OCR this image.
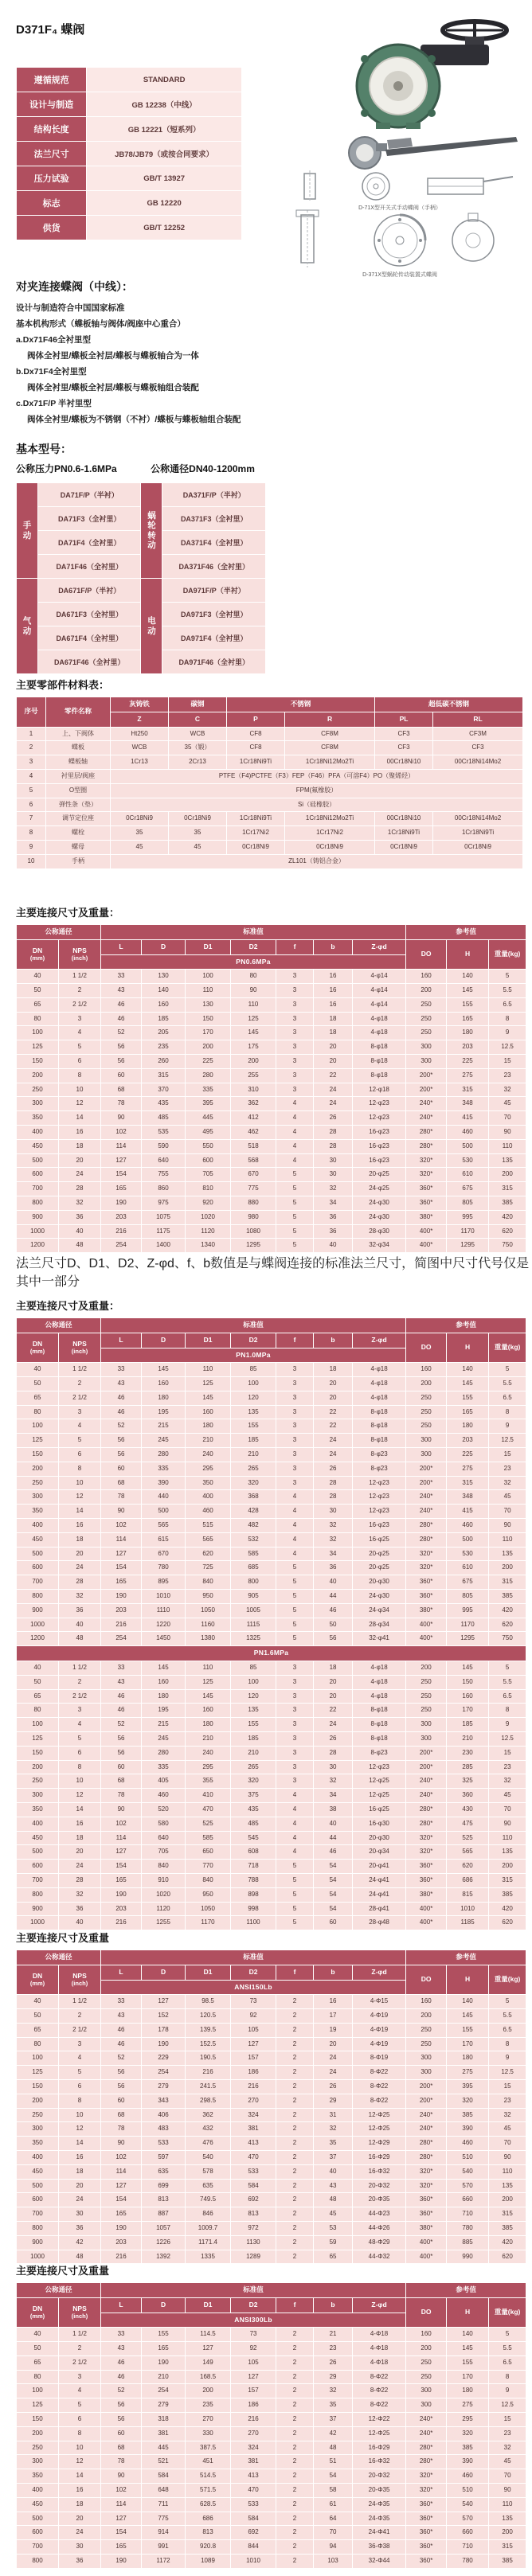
D371F₄ 蝶阀
遵循规范	STANDARD
设计与制造	GB 12238（中线）
结构长度	GB 12221（短系列）
法兰尺寸	JB78/JB79（或按合同要求）
压力试验	GB/T 13927
标志	GB 12220
供货	GB/T 12252
D-71X型开关式手动蝶阀（手柄）
D-371X型蜗轮传动装置式蝶阀
对夹连接蝶阀（中线）：
设计与制造符合中国国家标准
基本机构形式（蝶板轴与阀体/阀座中心重合）
a.Dx71F46全衬里型
阀体全衬里/蝶板全衬层/蝶板与蝶板轴合为一体
b.Dx71F4全衬里型
阀体全衬里/蝶板全衬层/蝶板与蝶板轴组合装配
c.Dx71F/P 半衬里型
阀体全衬里/蝶板为不锈钢（不衬）/蝶板与蝶板轴组合装配
基本型号：
公称压力PN0.6-1.6MPa	公称通径DN40-1200mm
手动	DA71F/P（半衬）	蜗轮转动	DA371F/P（半衬）
	DA71F3（全衬里）		DA371F3（全衬里）
	DA71F4（全衬里）		DA371F4（全衬里）
	DA71F46（全衬里）		DA371F46（全衬里）

气动	DA671F/P（半衬）	电动	DA971F/P（半衬）
	DA671F3（全衬里）		DA971F3（全衬里）
	DA671F4（全衬里）		DA971F4（全衬里）
	DA671F46（全衬里）		DA971F46（全衬里）
主要零部件材料表：
序号	零件名称	灰铸铁	碳钢	不锈钢		超低碳不锈钢	
		Z	C	P	R	PL	RL
1	上、下阀体	Ht250	WCB	CF8	CF8M	CF3	CF3M
2	蝶板	WCB	35（锻）	CF8	CF8M	CF3	CF3
3	蝶板轴	1Cr13	2Cr13	1Cr18Ni9Ti	1Cr18Ni12Mo2Ti	00Cr18Ni10	00Cr18Ni14Mo2
4	衬里层/阀座	PTFE（F4)PCTFE（F3）FEP（F46）PFA（可溶F4）PO（聚烯烃）					
5	O型圈	FPM(氟橡胶）					
6	弹性条（垫）	Si（硅橡胶）					
7	调节定位座	0Cr18Ni9	0Cr18Ni9	1Cr18Ni9Ti	1Cr18Ni12Mo2Ti	00Cr18Ni10	00Cr18Ni14Mo2
8	螺栓	35	35	1Cr17Ni2	1Cr17Ni2	1Cr18Ni9Ti	1Cr18Ni9Ti
9	螺母	45	45	0Cr18Ni9	0Cr18Ni9	0Cr18Ni9	0Cr18Ni9
10	手柄	ZL101（铸铝合金）					
主要连接尺寸及重量：
公称通径		标准值							参考值		

DN
(mm)

NPS
(inch)
	L	D	D1	D2	f	b	Z-φd	DO	H	重量(kg)
		PN0.6MPa									
40	1 1/2	33	130	100	80	3	16	4-φ14	160	140	5
50	2	43	140	110	90	3	16	4-φ14	200	145	5.5
65	2 1/2	46	160	130	110	3	16	4-φ14	250	155	6.5
80	3	46	185	150	125	3	18	4-φ18	250	165	8
100	4	52	205	170	145	3	18	4-φ18	250	180	9
125	5	56	235	200	175	3	20	8-φ18	300	203	12.5
150	6	56	260	225	200	3	20	8-φ18	300	225	15
200	8	60	315	280	255	3	22	8-φ18	200*	275	23
250	10	68	370	335	310	3	24	12-φ18	200*	315	32
300	12	78	435	395	362	4	24	12-φ23	240*	348	45
350	14	90	485	445	412	4	26	12-φ23	240*	415	70
400	16	102	535	495	462	4	28	16-φ23	280*	460	90
450	18	114	590	550	518	4	28	16-φ23	280*	500	110
500	20	127	640	600	568	4	30	16-φ23	320*	530	135
600	24	154	755	705	670	5	30	20-φ25	320*	610	200
700	28	165	860	810	775	5	32	24-φ25	360*	675	315
800	32	190	975	920	880	5	34	24-φ30	360*	805	385
900	36	203	1075	1020	980	5	36	24-φ30	380*	995	420
1000	40	216	1175	1120	1080	5	36	28-φ30	400*	1170	620
1200	48	254	1400	1340	1295	5	40	32-φ34	400*	1295	750
法兰尺寸D、D1、D2、Z-φd、f、b数值是与蝶阀连接的标准法兰尺寸，简图中尺寸代号仅是其中一部分
主要连接尺寸及重量：
公称通径		标准值							参考值		

DN
(mm)

NPS
(inch)
	L	D	D1	D2	f	b	Z-φd	DO	H	重量(kg)
		PN1.0MPa									
40	1 1/2	33	145	110	85	3	18	4-φ18	160	140	5
50	2	43	160	125	100	3	20	4-φ18	200	145	5.5
65	2 1/2	46	180	145	120	3	20	4-φ18	250	155	6.5
80	3	46	195	160	135	3	22	8-φ18	250	165	8
100	4	52	215	180	155	3	22	8-φ18	250	180	9
125	5	56	245	210	185	3	24	8-φ18	300	203	12.5
150	6	56	280	240	210	3	24	8-φ23	300	225	15
200	8	60	335	295	265	3	26	8-φ23	200*	275	23
250	10	68	390	350	320	3	28	12-φ23	200*	315	32
300	12	78	440	400	368	4	28	12-φ23	240*	348	45
350	14	90	500	460	428	4	30	12-φ23	240*	415	70
400	16	102	565	515	482	4	32	16-φ23	280*	460	90
450	18	114	615	565	532	4	32	16-φ25	280*	500	110
500	20	127	670	620	585	4	34	20-φ25	320*	530	135
600	24	154	780	725	685	5	36	20-φ25	320*	610	200
700	28	165	895	840	800	5	40	20-φ30	360*	675	315
800	32	190	1010	950	905	5	44	24-φ30	360*	805	385
900	36	203	1110	1050	1005	5	46	24-φ34	380*	995	420
1000	40	216	1220	1160	1115	5	50	28-φ34	400*	1170	620
1200	48	254	1450	1380	1325	5	56	32-φ41	400*	1295	750
PN1.6MPa											
40	1 1/2	33	145	110	85	3	18	4-φ18	200	145	5
50	2	43	160	125	100	3	20	4-φ18	250	150	5.5
65	2 1/2	46	180	145	120	3	20	4-φ18	250	160	6.5
80	3	46	195	160	135	3	22	8-φ18	250	170	8
100	4	52	215	180	155	3	24	8-φ18	300	185	9
125	5	56	245	210	185	3	26	8-φ18	300	210	12.5
150	6	56	280	240	210	3	28	8-φ23	200*	230	15
200	8	60	335	295	265	3	30	12-φ23	200*	285	23
250	10	68	405	355	320	3	32	12-φ25	240*	325	32
300	12	78	460	410	375	4	34	12-φ25	240*	360	45
350	14	90	520	470	435	4	38	16-φ25	280*	430	70
400	16	102	580	525	485	4	40	16-φ30	280*	475	90
450	18	114	640	585	545	4	44	20-φ30	320*	525	110
500	20	127	705	650	608	4	46	20-φ34	320*	565	135
600	24	154	840	770	718	5	54	20-φ41	360*	620	200
700	28	165	910	840	788	5	54	24-φ41	360*	686	315
800	32	190	1020	950	898	5	54	24-φ41	380*	815	385
900	36	203	1120	1050	998	5	54	28-φ41	400*	1010	420
1000	40	216	1255	1170	1100	5	60	28-φ48	400*	1185	620
主要连接尺寸及重量
公称通径		标准值							参考值		

DN
(mm)

NPS
(inch)
	L	D	D1	D2	f	b	Z-φd	DO	H	重量(kg)
		ANSI150Lb									
40	1 1/2	33	127	98.5	73	2	16	4-Φ15	160	140	5
50	2	43	152	120.5	92	2	17	4-Φ19	200	145	5.5
65	2 1/2	46	178	139.5	105	2	19	4-Φ19	250	155	6.5
80	3	46	190	152.5	127	2	20	4-Φ19	250	170	8
100	4	52	229	190.5	157	2	24	8-Φ19	300	180	9
125	5	56	254	216	186	2	24	8-Φ22	300	275	12.5
150	6	56	279	241.5	216	2	26	8-Φ22	200*	395	15
200	8	60	343	298.5	270	2	29	8-Φ22	200*	320	23
250	10	68	406	362	324	2	31	12-Φ25	240*	385	32
300	12	78	483	432	381	2	32	12-Φ25	240*	390	45
350	14	90	533	476	413	2	35	12-Φ29	280*	460	70
400	16	102	597	540	470	2	37	16-Φ29	280*	510	90
450	18	114	635	578	533	2	40	16-Φ32	320*	540	110
500	20	127	699	635	584	2	43	20-Φ32	320*	570	135
600	24	154	813	749.5	692	2	48	20-Φ35	360*	660	200
700	30	165	887	846	813	2	45	44-Φ23	360*	710	315
800	36	190	1057	1009.7	972	2	53	44-Φ26	380*	780	385
900	42	203	1226	1171.4	1130	2	59	48-Φ29	400*	885	420
1000	48	216	1392	1335	1289	2	65	44-Φ32	400*	990	620
主要连接尺寸及重量
公称通径		标准值							参考值		

DN
(mm)

NPS
(inch)
	L	D	D1	D2	f	b	Z-φd	DO	H	重量(kg)
		ANSI300Lb									
40	1 1/2	33	155	114.5	73	2	21	4-Φ18	160	140	5
50	2	43	165	127	92	2	23	4-Φ18	200	145	5.5
65	2 1/2	46	190	149	105	2	26	4-Φ18	250	155	6.5
80	3	46	210	168.5	127	2	29	8-Φ22	250	170	8
100	4	52	254	200	157	2	32	8-Φ22	300	180	9
125	5	56	279	235	186	2	35	8-Φ22	300	275	12.5
150	6	56	318	270	216	2	37	12-Φ22	240*	295	15
200	8	60	381	330	270	2	42	12-Φ25	240*	320	23
250	10	68	445	387.5	324	2	48	16-Φ29	280*	385	32
300	12	78	521	451	381	2	51	16-Φ32	280*	390	45
350	14	90	584	514.5	413	2	54	20-Φ32	320*	460	70
400	16	102	648	571.5	470	2	58	20-Φ35	320*	510	90
450	18	114	711	628.5	533	2	61	24-Φ35	360*	540	110
500	20	127	775	686	584	2	64	24-Φ35	360*	570	135
600	24	154	914	813	692	2	70	24-Φ41	360*	660	200
700	30	165	991	920.8	844	2	94	36-Φ38	360*	710	315
800	36	190	1172	1089	1010	2	103	32-Φ44	360*	780	385
